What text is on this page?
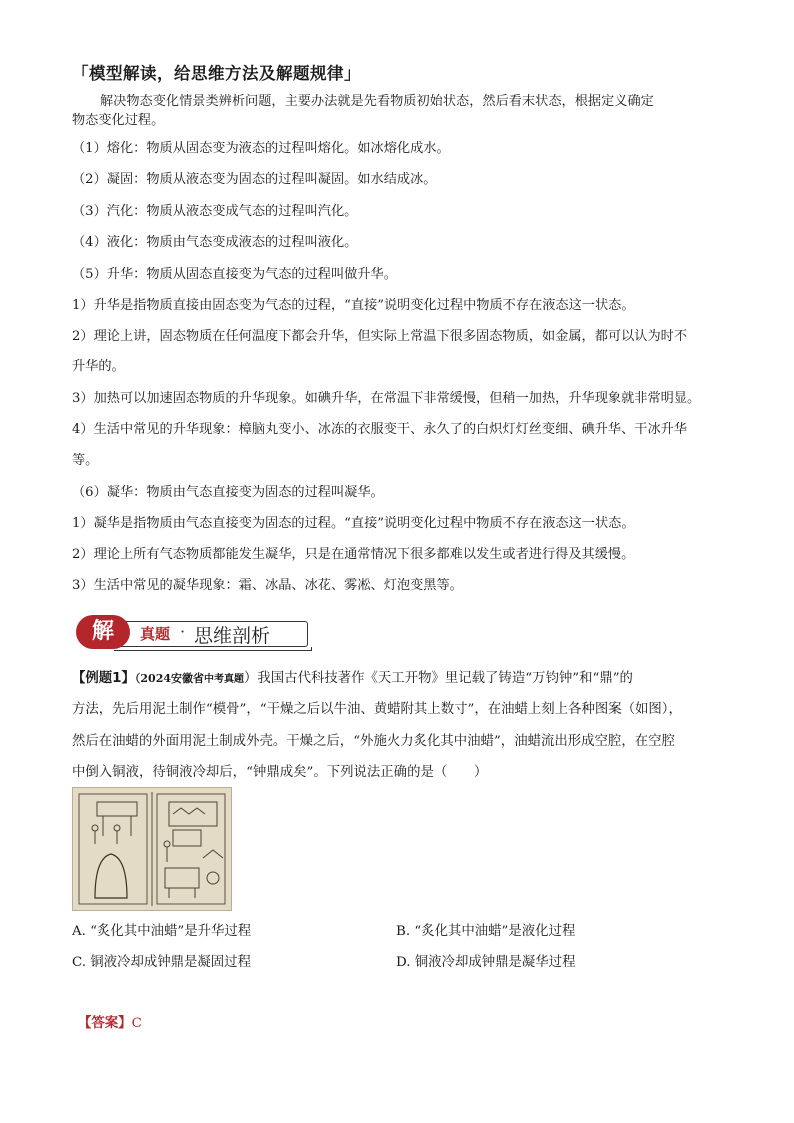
「模型解读，给思维方法及解题规律」
解决物态变化情景类辨析问题，主要办法就是先看物质初始状态，然后看末状态，根据定义确定
物态变化过程。
（1）熔化：物质从固态变为液态的过程叫熔化。如冰熔化成水。
（2）凝固：物质从液态变为固态的过程叫凝固。如水结成冰。
（3）汽化：物质从液态变成气态的过程叫汽化。
（4）液化：物质由气态变成液态的过程叫液化。
（5）升华：物质从固态直接变为气态的过程叫做升华。
1）升华是指物质直接由固态变为气态的过程，“直接”说明变化过程中物质不存在液态这一状态。
2）理论上讲，固态物质在任何温度下都会升华，但实际上常温下很多固态物质，如金属，都可以认为时不
升华的。
3）加热可以加速固态物质的升华现象。如碘升华，在常温下非常缓慢，但稍一加热，升华现象就非常明显。
4）生活中常见的升华现象：樟脑丸变小、冰冻的衣服变干、永久了的白炽灯灯丝变细、碘升华、干冰升华
等。
（6）凝华：物质由气态直接变为固态的过程叫凝华。
1）凝华是指物质由气态直接变为固态的过程。“直接”说明变化过程中物质不存在液态这一状态。
2）理论上所有气态物质都能发生凝华，只是在通常情况下很多都难以发生或者进行得及其缓慢。
3）生活中常见的凝华现象：霜、冰晶、冰花、雾凇、灯泡变黑等。
解	真题 · 思维剖析
【例题1】（2024安徽省中考真题）我国古代科技著作《天工开物》里记载了铸造“万钧钟”和“鼎”的
方法，先后用泥土制作“模骨”，“干燥之后以牛油、黄蜡附其上数寸”，在油蜡上刻上各种图案（如图），
然后在油蜡的外面用泥土制成外壳。干燥之后，“外施火力炙化其中油蜡”，油蜡流出形成空腔，在空腔
中倒入铜液，待铜液冷却后，“钟鼎成矣”。下列说法正确的是（　　）
A. “炙化其中油蜡”是升华过程	B. “炙化其中油蜡”是液化过程
C. 铜液冷却成钟鼎是凝固过程	D. 铜液冷却成钟鼎是凝华过程
【答案】C
